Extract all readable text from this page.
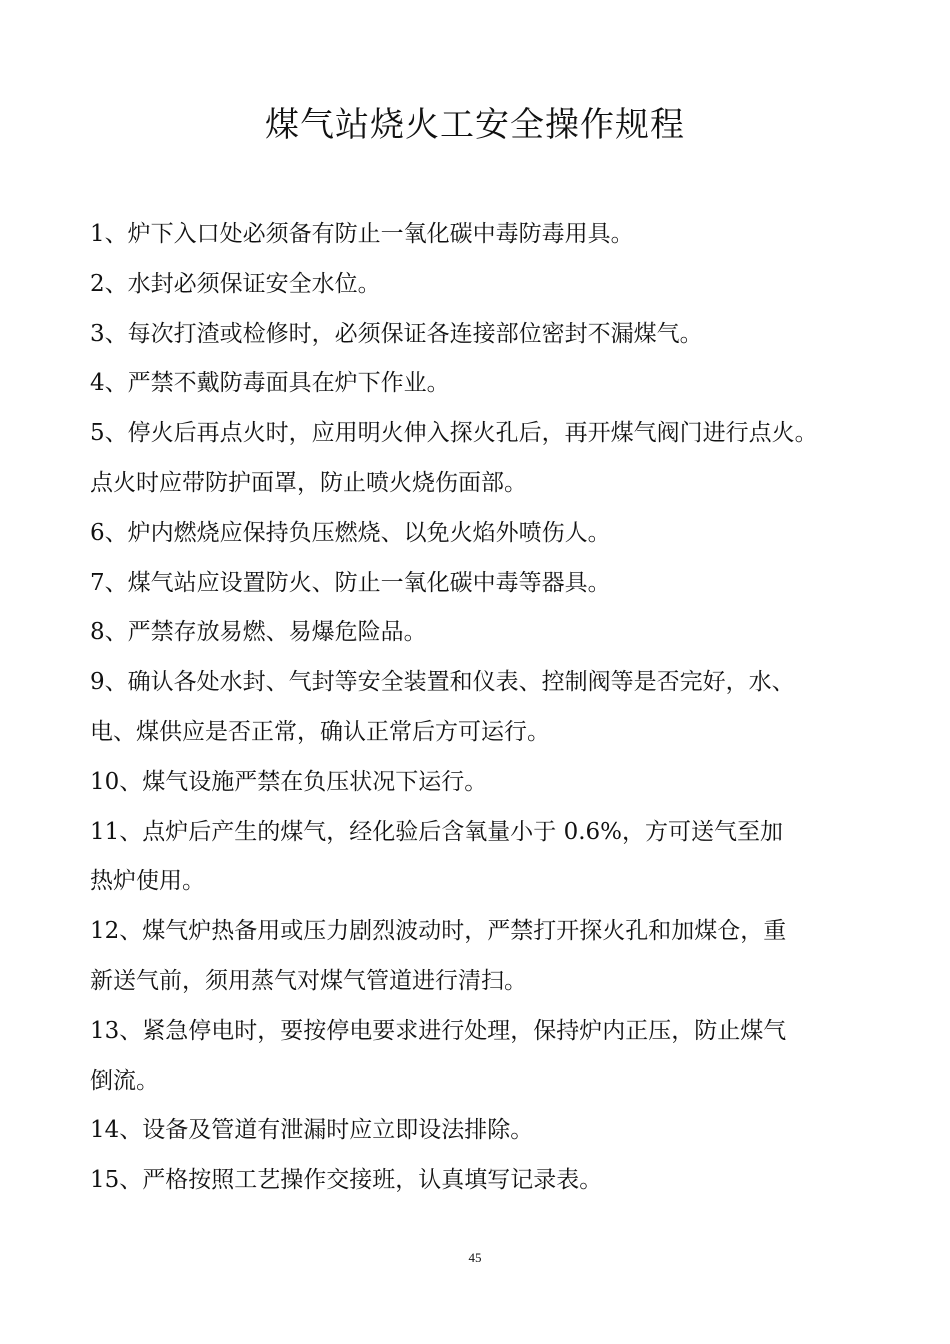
煤气站烧火工安全操作规程
1、炉下入口处必须备有防止一氧化碳中毒防毒用具。
2、水封必须保证安全水位。
3、每次打渣或检修时，必须保证各连接部位密封不漏煤气。
4、严禁不戴防毒面具在炉下作业。
5、停火后再点火时，应用明火伸入探火孔后，再开煤气阀门进行点火。
点火时应带防护面罩，防止喷火烧伤面部。
6、炉内燃烧应保持负压燃烧、以免火焰外喷伤人。
7、煤气站应设置防火、防止一氧化碳中毒等器具。
8、严禁存放易燃、易爆危险品。
9、确认各处水封、气封等安全装置和仪表、控制阀等是否完好，水、
电、煤供应是否正常，确认正常后方可运行。
10、煤气设施严禁在负压状况下运行。
11、点炉后产生的煤气，经化验后含氧量小于 0.6%，方可送气至加
热炉使用。
12、煤气炉热备用或压力剧烈波动时，严禁打开探火孔和加煤仓，重
新送气前，须用蒸气对煤气管道进行清扫。
13、紧急停电时，要按停电要求进行处理，保持炉内正压，防止煤气
倒流。
14、设备及管道有泄漏时应立即设法排除。
15、严格按照工艺操作交接班，认真填写记录表。
45
